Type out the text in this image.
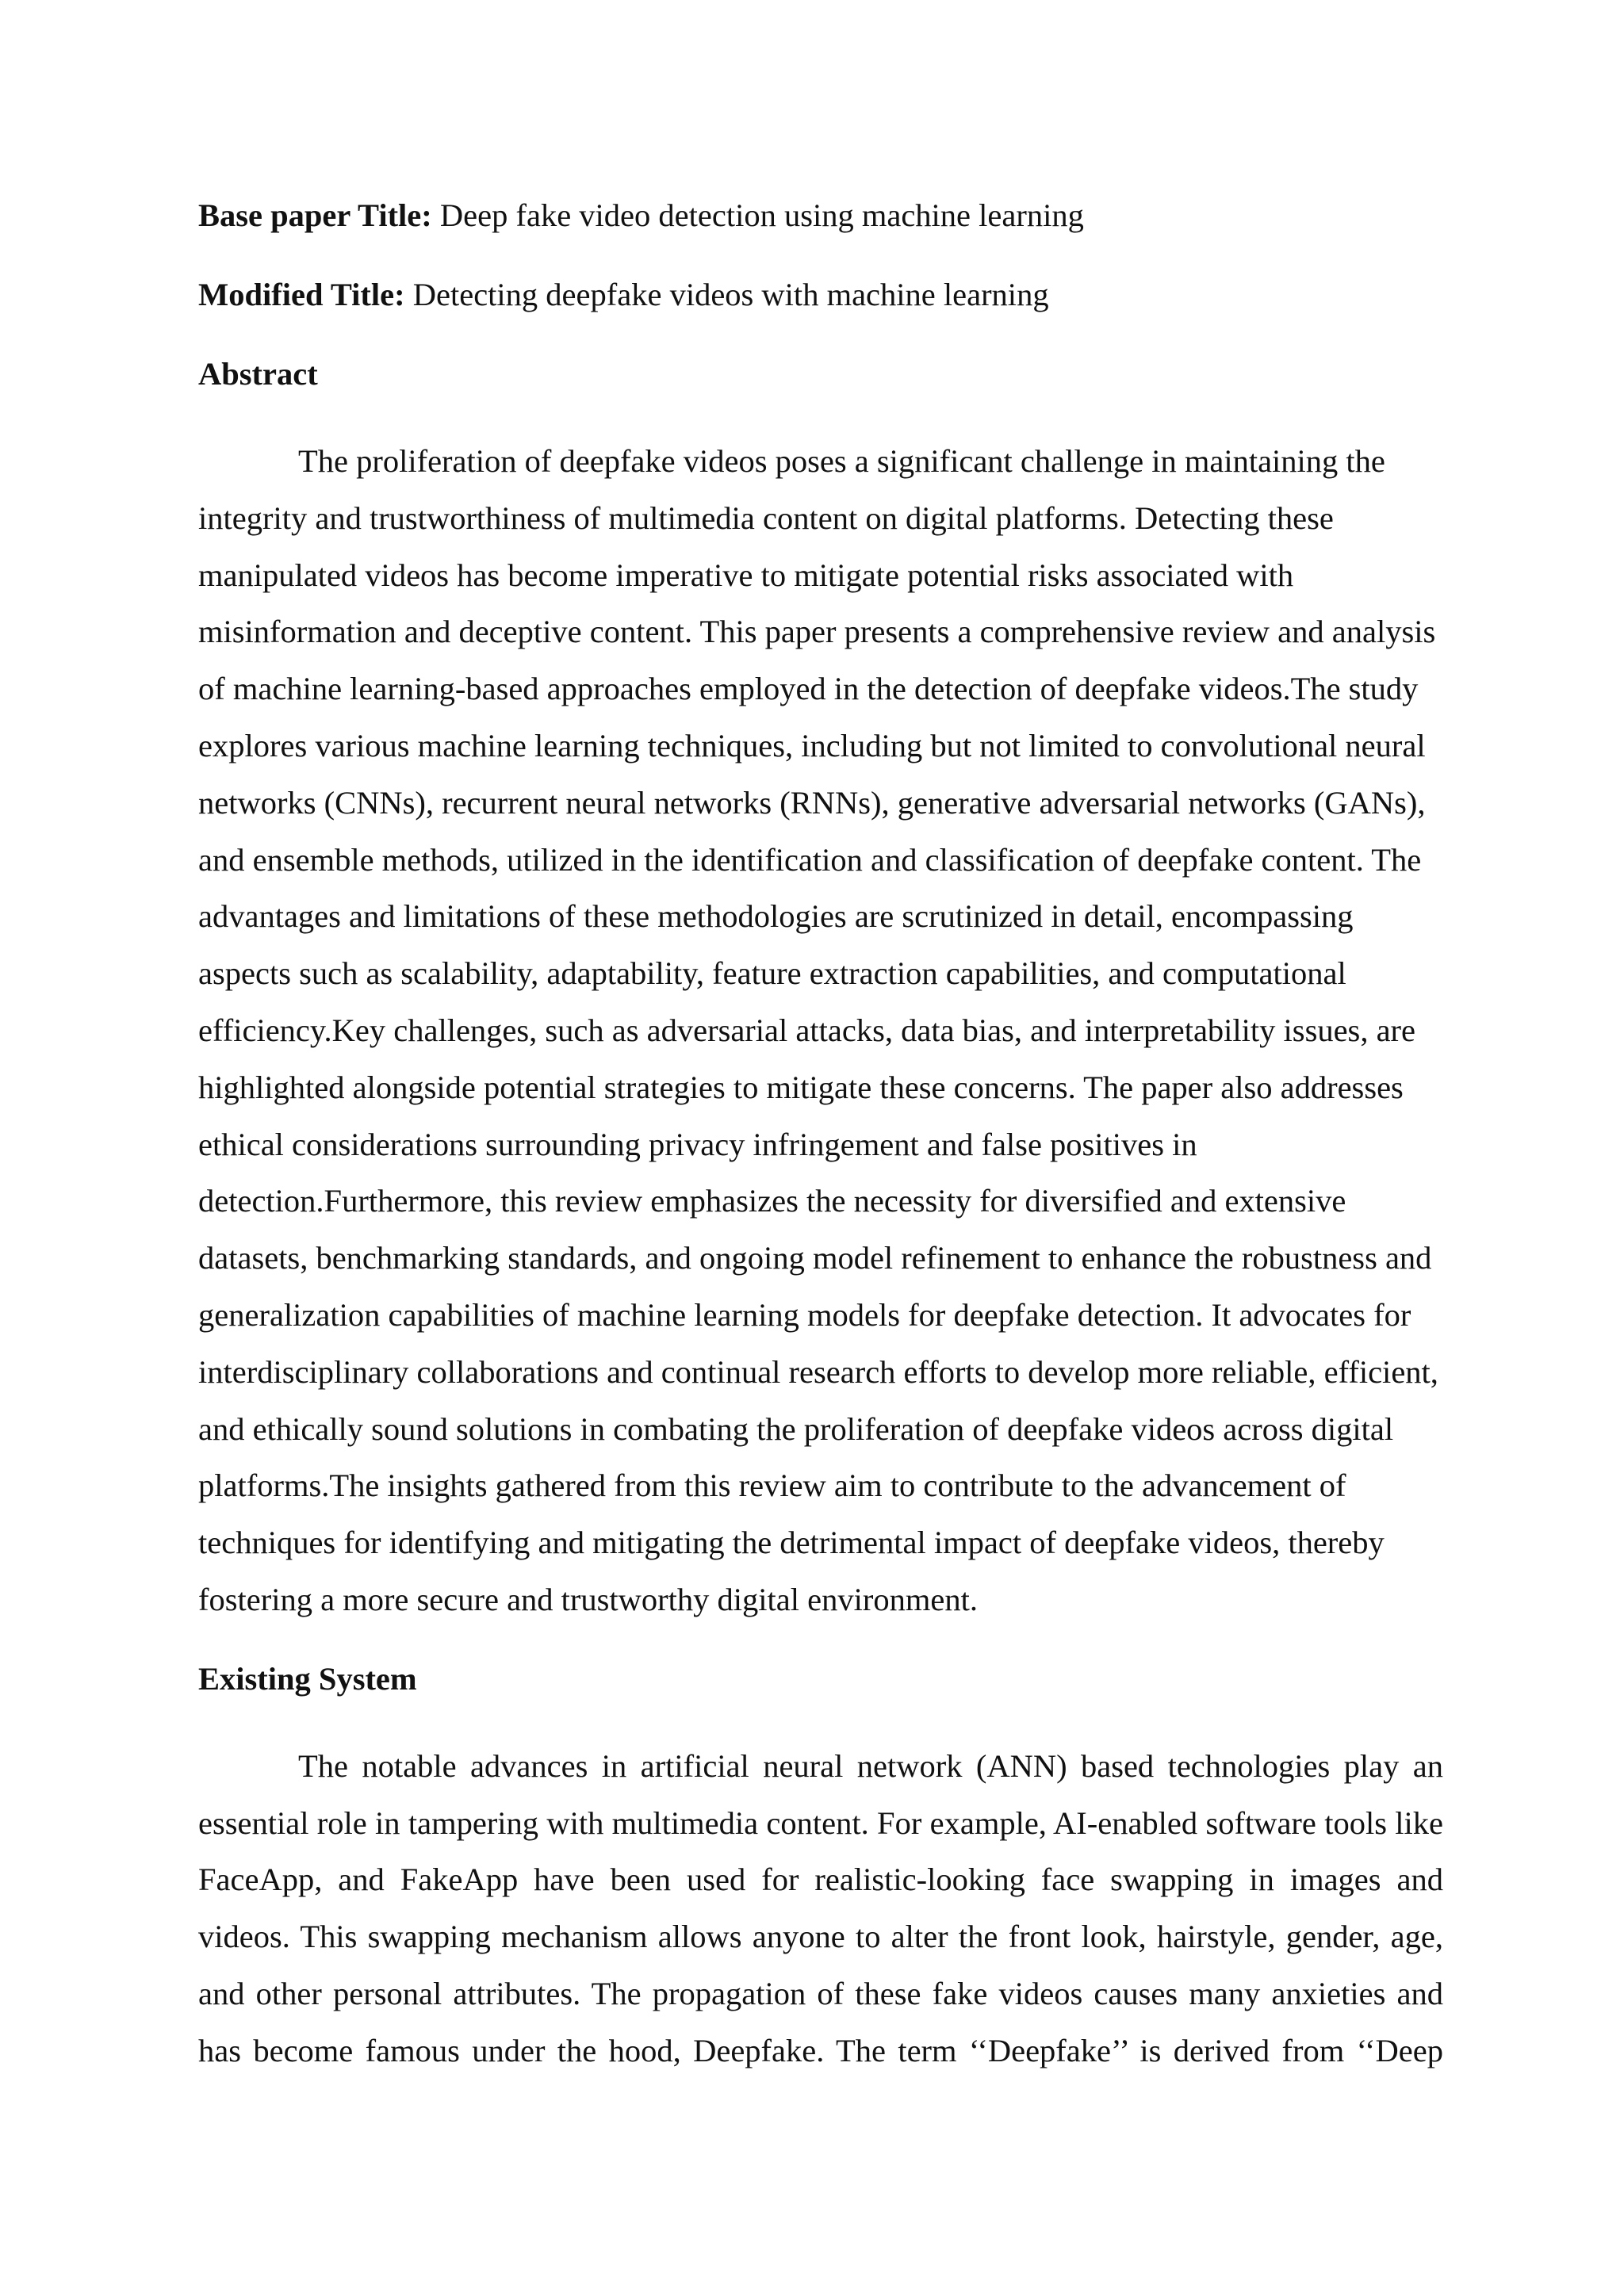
Base paper Title: Deep fake video detection using machine learning

Modified Title: Detecting deepfake videos with machine learning

Abstract

The proliferation of deepfake videos poses a significant challenge in maintaining the integrity and trustworthiness of multimedia content on digital platforms. Detecting these manipulated videos has become imperative to mitigate potential risks associated with misinformation and deceptive content. This paper presents a comprehensive review and analysis of machine learning-based approaches employed in the detection of deepfake videos.The study explores various machine learning techniques, including but not limited to convolutional neural networks (CNNs), recurrent neural networks (RNNs), generative adversarial networks (GANs), and ensemble methods, utilized in the identification and classification of deepfake content. The advantages and limitations of these methodologies are scrutinized in detail, encompassing aspects such as scalability, adaptability, feature extraction capabilities, and computational efficiency.Key challenges, such as adversarial attacks, data bias, and interpretability issues, are highlighted alongside potential strategies to mitigate these concerns. The paper also addresses ethical considerations surrounding privacy infringement and false positives in detection.Furthermore, this review emphasizes the necessity for diversified and extensive datasets, benchmarking standards, and ongoing model refinement to enhance the robustness and generalization capabilities of machine learning models for deepfake detection. It advocates for interdisciplinary collaborations and continual research efforts to develop more reliable, efficient, and ethically sound solutions in combating the proliferation of deepfake videos across digital platforms.The insights gathered from this review aim to contribute to the advancement of techniques for identifying and mitigating the detrimental impact of deepfake videos, thereby fostering a more secure and trustworthy digital environment.

Existing System

The notable advances in artificial neural network (ANN) based technologies play an essential role in tampering with multimedia content. For example, AI-enabled software tools like FaceApp, and FakeApp have been used for realistic-looking face swapping in images and videos. This swapping mechanism allows anyone to alter the front look, hairstyle, gender, age, and other personal attributes. The propagation of these fake videos causes many anxieties and has become famous under the hood, Deepfake. The term ‘‘Deepfake’’ is derived from ‘‘Deep
